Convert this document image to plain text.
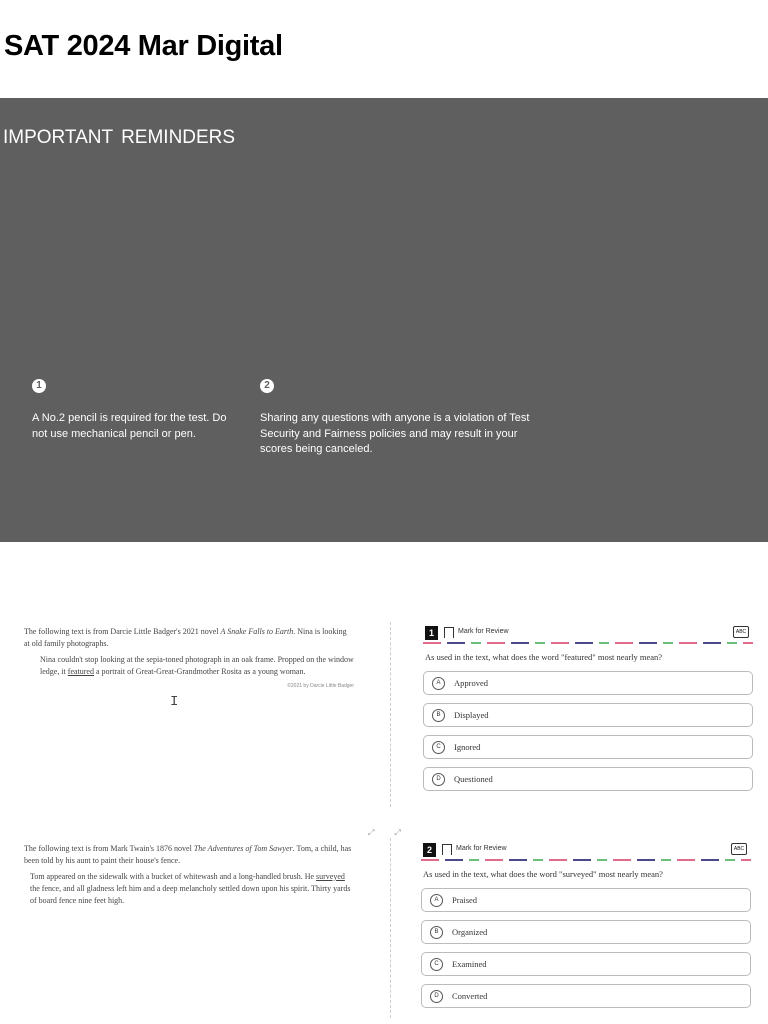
SAT 2024 Mar Digital
IMPORTANT REMINDERS
1
A No.2 pencil is required for the test. Do not use mechanical pencil or pen.
2
Sharing any questions with anyone is a violation of Test Security and Fairness policies and may result in your scores being canceled.
The following text is from Darcie Little Badger's 2021 novel A Snake Falls to Earth. Nina is looking at old family photographs.
Nina couldn't stop looking at the sepia-toned photograph in an oak frame. Propped on the window ledge, it featured a portrait of Great-Great-Grandmother Rosita as a young woman.
©2021 by Darcie Little Badger
I
1	Mark for Review	ABC
As used in the text, what does the word "featured" most nearly mean?
A	Approved
B	Displayed
C	Ignored
D	Questioned
⤢	⤢
The following text is from Mark Twain's 1876 novel The Adventures of Tom Sawyer. Tom, a child, has been told by his aunt to paint their house's fence.
Tom appeared on the sidewalk with a bucket of whitewash and a long-handled brush. He surveyed the fence, and all gladness left him and a deep melancholy settled down upon his spirit. Thirty yards of board fence nine feet high.
2	Mark for Review	ABC
As used in the text, what does the word "surveyed" most nearly mean?
A	Praised
B	Organized
C	Examined
D	Converted
